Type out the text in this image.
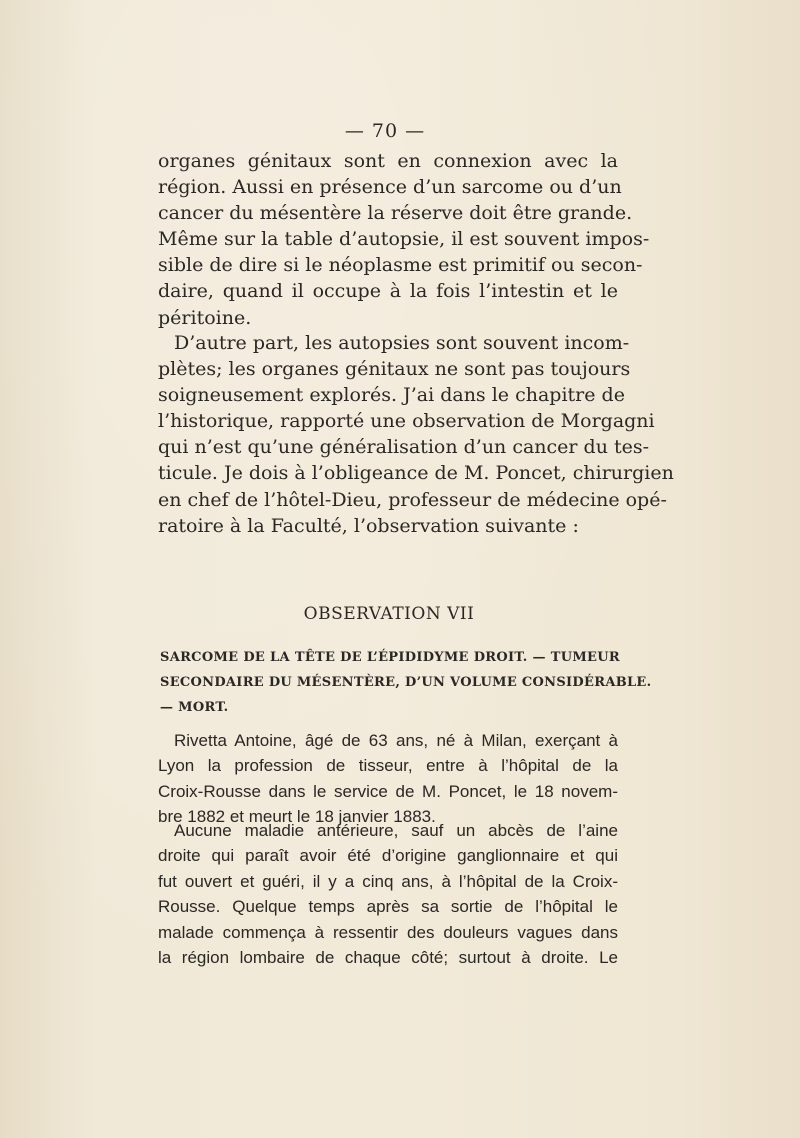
— 70 —
organes génitaux sont en connexion avec la
région. Aussi en présence d’un sarcome ou d’un
cancer du mésentère la réserve doit être grande.
Même sur la table d’autopsie, il est souvent impos-
sible de dire si le néoplasme est primitif ou secon-
daire, quand il occupe à la fois l’intestin et le
péritoine.
D’autre part, les autopsies sont souvent incom-
plètes; les organes génitaux ne sont pas toujours
soigneusement explorés. J’ai dans le chapitre de
l’historique, rapporté une observation de Morgagni
qui n’est qu’une généralisation d’un cancer du tes-
ticule. Je dois à l’obligeance de M. Poncet, chirurgien
en chef de l’hôtel-Dieu, professeur de médecine opé-
ratoire à la Faculté, l’observation suivante :
OBSERVATION VII
SARCOME DE LA TÊTE DE L’ÉPIDIDYME DROIT. — TUMEUR
SECONDAIRE DU MÉSENTÈRE, D’UN VOLUME CONSIDÉRABLE.
— MORT.
Rivetta Antoine, âgé de 63 ans, né à Milan, exerçant à
Lyon la profession de tisseur, entre à l’hôpital de la
Croix-Rousse dans le service de M. Poncet, le 18 novem-
bre 1882 et meurt le 18 janvier 1883.
Aucune maladie antérieure, sauf un abcès de l’aine
droite qui paraît avoir été d’origine ganglionnaire et qui
fut ouvert et guéri, il y a cinq ans, à l’hôpital de la Croix-
Rousse. Quelque temps après sa sortie de l’hôpital le
malade commença à ressentir des douleurs vagues dans
la région lombaire de chaque côté; surtout à droite. Le
